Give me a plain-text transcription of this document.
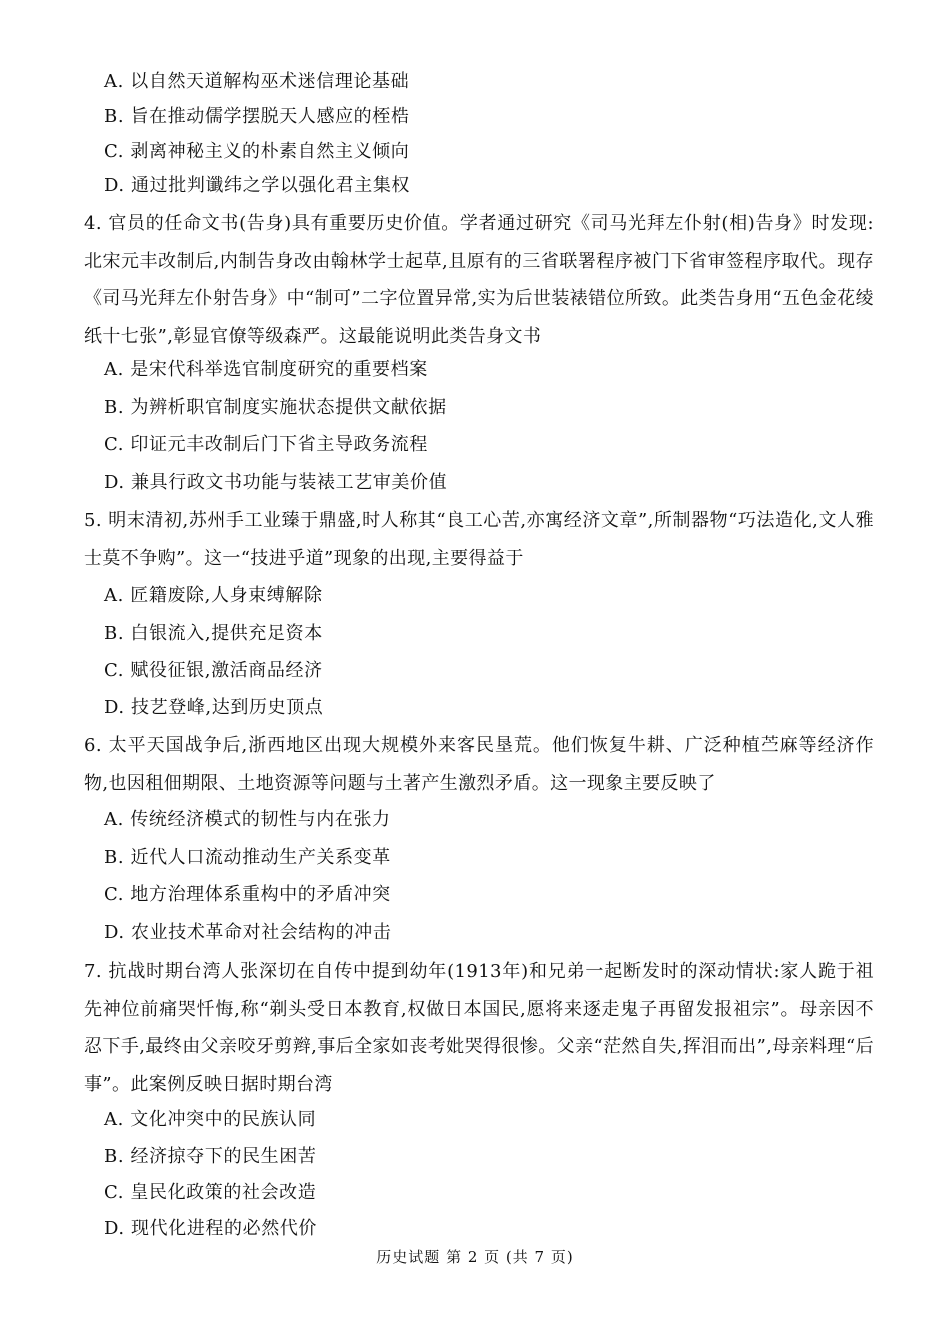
A. 以自然天道解构巫术迷信理论基础
B. 旨在推动儒学摆脱天人感应的桎梏
C. 剥离神秘主义的朴素自然主义倾向
D. 通过批判谶纬之学以强化君主集权
4. 官员的任命文书(告身)具有重要历史价值。学者通过研究《司马光拜左仆射(相)告身》时发现:北宋元丰改制后,内制告身改由翰林学士起草,且原有的三省联署程序被门下省审签程序取代。现存《司马光拜左仆射告身》中“制可”二字位置异常,实为后世装裱错位所致。此类告身用“五色金花绫纸十七张”,彰显官僚等级森严。这最能说明此类告身文书
A. 是宋代科举选官制度研究的重要档案
B. 为辨析职官制度实施状态提供文献依据
C. 印证元丰改制后门下省主导政务流程
D. 兼具行政文书功能与装裱工艺审美价值
5. 明末清初,苏州手工业臻于鼎盛,时人称其“良工心苦,亦寓经济文章”,所制器物“巧法造化,文人雅士莫不争购”。这一“技进乎道”现象的出现,主要得益于
A. 匠籍废除,人身束缚解除
B. 白银流入,提供充足资本
C. 赋役征银,激活商品经济
D. 技艺登峰,达到历史顶点
6. 太平天国战争后,浙西地区出现大规模外来客民垦荒。他们恢复牛耕、广泛种植苎麻等经济作物,也因租佃期限、土地资源等问题与土著产生激烈矛盾。这一现象主要反映了
A. 传统经济模式的韧性与内在张力
B. 近代人口流动推动生产关系变革
C. 地方治理体系重构中的矛盾冲突
D. 农业技术革命对社会结构的冲击
7. 抗战时期台湾人张深切在自传中提到幼年(1913年)和兄弟一起断发时的深动情状:家人跪于祖先神位前痛哭忏悔,称“剃头受日本教育,权做日本国民,愿将来逐走鬼子再留发报祖宗”。母亲因不忍下手,最终由父亲咬牙剪辫,事后全家如丧考妣哭得很惨。父亲“茫然自失,挥泪而出”,母亲料理“后事”。此案例反映日据时期台湾
A. 文化冲突中的民族认同
B. 经济掠夺下的民生困苦
C. 皇民化政策的社会改造
D. 现代化进程的必然代价
历史试题 第 2 页 (共 7 页)
